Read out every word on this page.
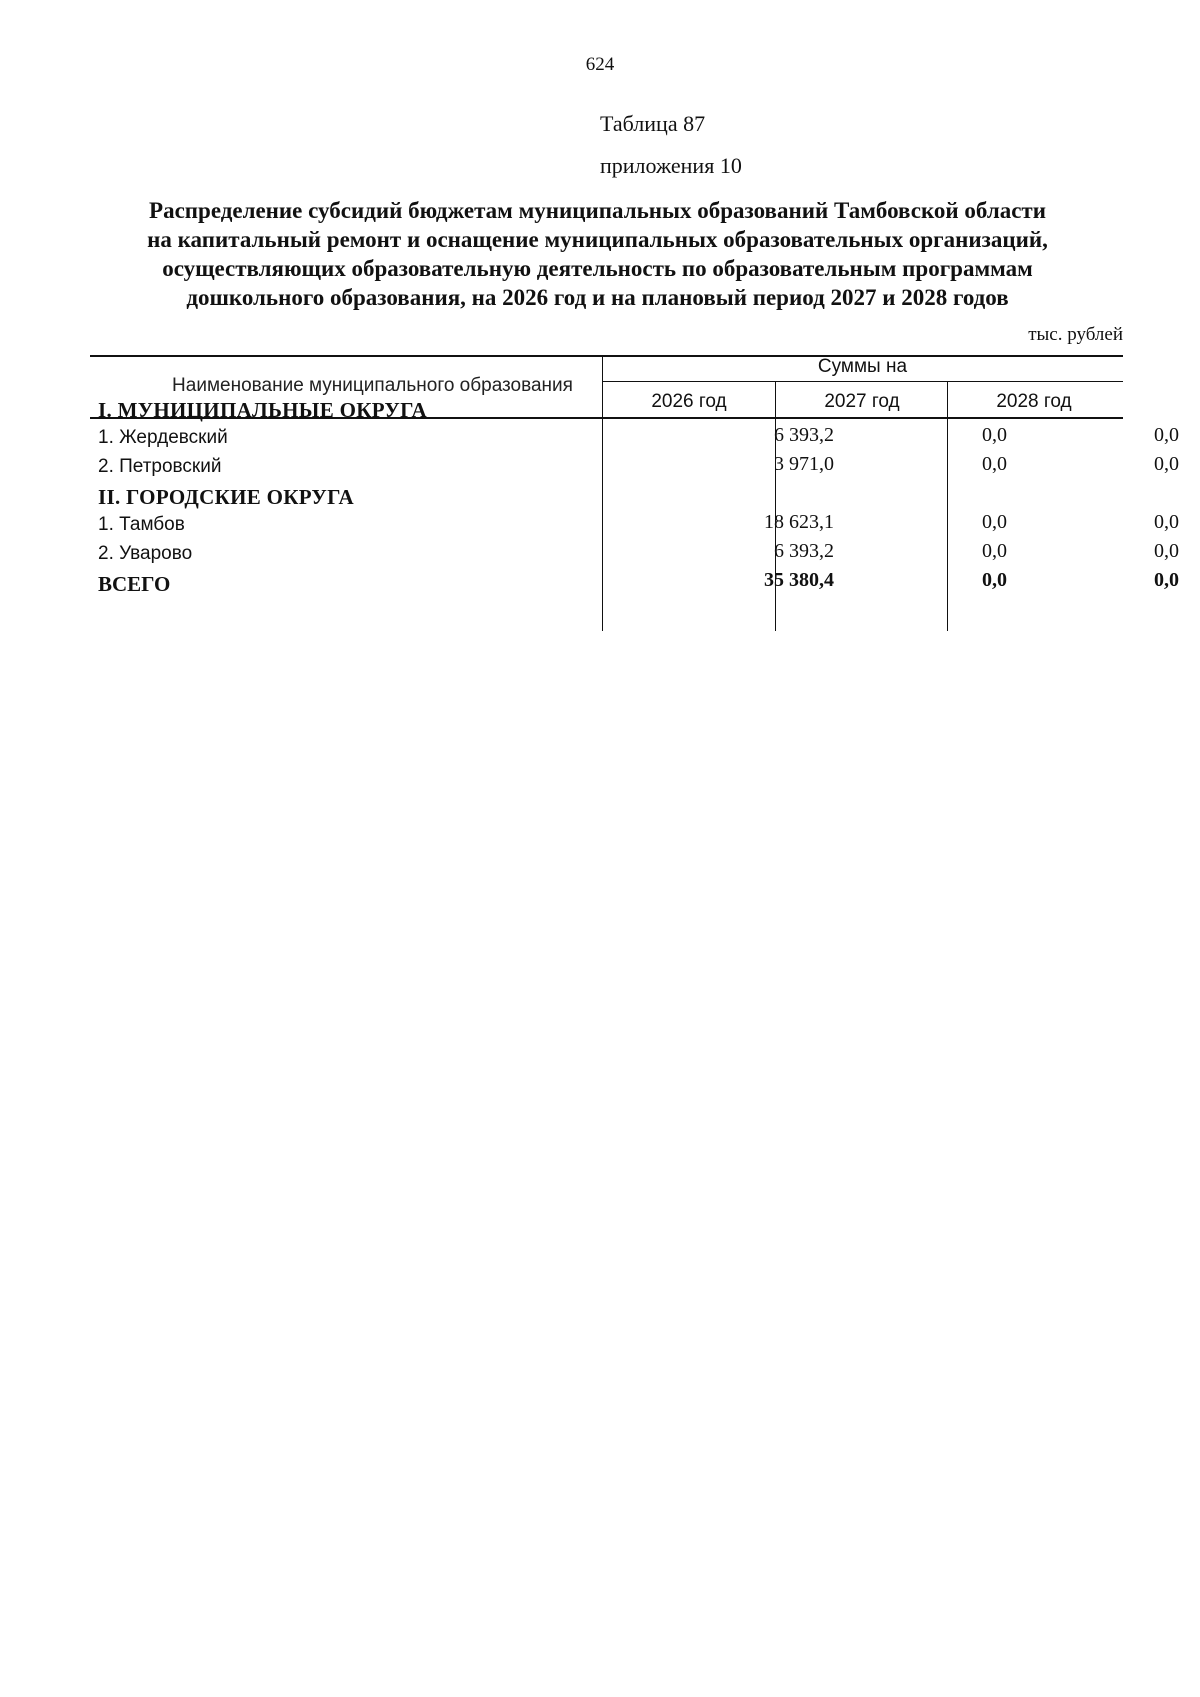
624
Таблица 87
приложения 10
Распределение субсидий бюджетам муниципальных образований Тамбовской области
на капитальный ремонт и оснащение муниципальных образовательных организаций,
осуществляющих образовательную деятельность по образовательным программам
дошкольного образования, на 2026 год и на плановый период 2027 и 2028 годов
тыс. рублей
Наименование муниципального образования
Суммы на
2026 год	2027 год	2028 год
I. МУНИЦИПАЛЬНЫЕ ОКРУГА
1. Жердевский	6 393,2	0,0	0,0
2. Петровский	3 971,0	0,0	0,0
II. ГОРОДСКИЕ ОКРУГА
1. Тамбов	18 623,1	0,0	0,0
2. Уварово	6 393,2	0,0	0,0
ВСЕГО	35 380,4	0,0	0,0
